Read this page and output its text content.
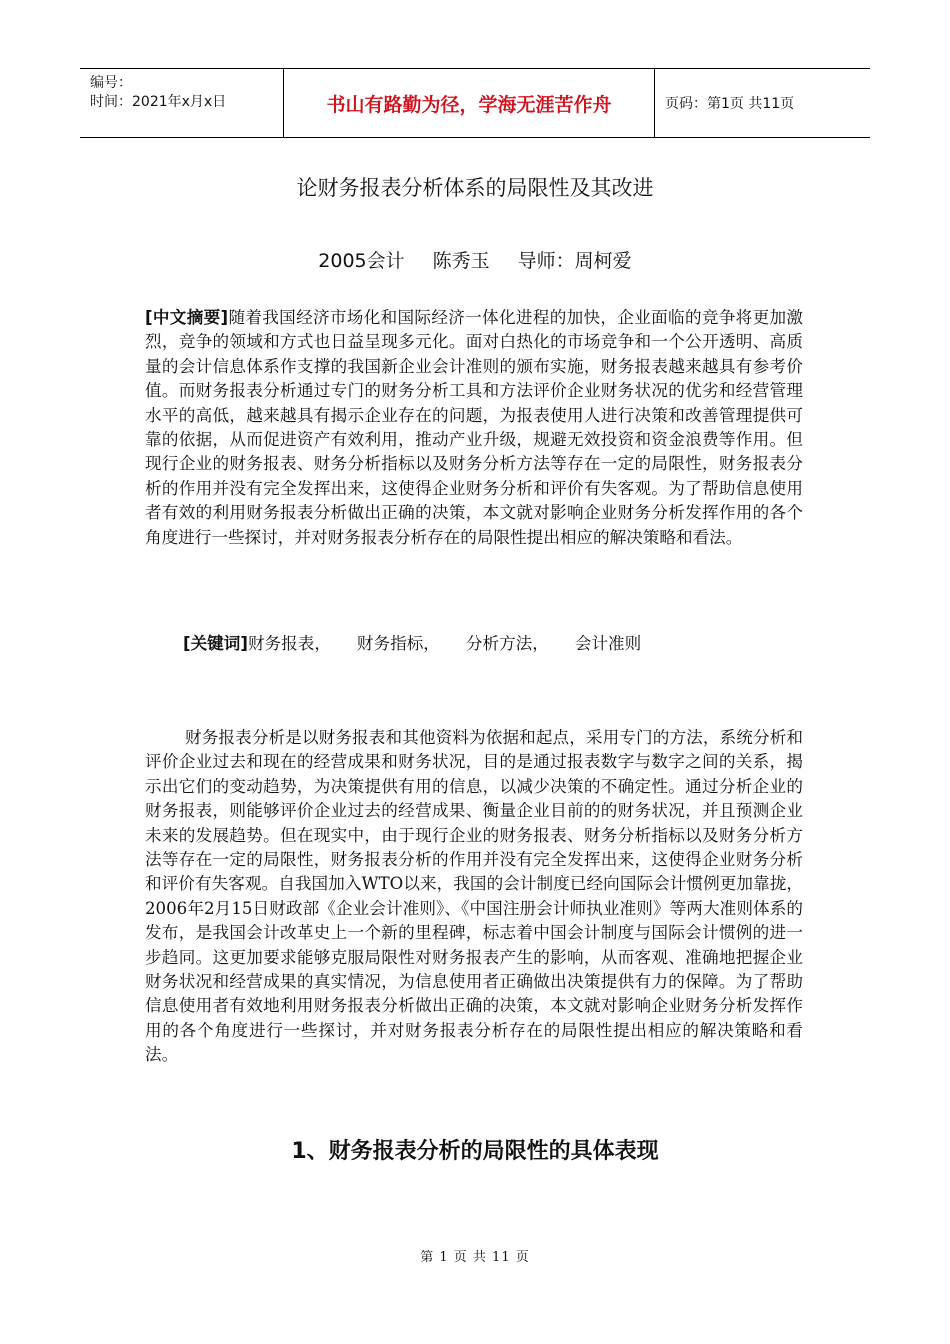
编号：
时间：2021年x月x日	书山有路勤为径，学海无涯苦作舟	页码：第1页 共11页
论财务报表分析体系的局限性及其改进
2005会计 陈秀玉 导师：周柯爱
[中文摘要]随着我国经济市场化和国际经济一体化进程的加快，企业面临的竞争将更加激烈，竞争的领域和方式也日益呈现多元化。面对白热化的市场竞争和一个公开透明、高质量的会计信息体系作支撑的我国新企业会计准则的颁布实施，财务报表越来越具有参考价值。而财务报表分析通过专门的财务分析工具和方法评价企业财务状况的优劣和经营管理水平的高低，越来越具有揭示企业存在的问题，为报表使用人进行决策和改善管理提供可靠的依据，从而促进资产有效利用，推动产业升级，规避无效投资和资金浪费等作用。但现行企业的财务报表、财务分析指标以及财务分析方法等存在一定的局限性，财务报表分析的作用并没有完全发挥出来，这使得企业财务分析和评价有失客观。为了帮助信息使用者有效的利用财务报表分析做出正确的决策，本文就对影响企业财务分析发挥作用的各个角度进行一些探讨，并对财务报表分析存在的局限性提出相应的解决策略和看法。
[关键词]财务报表， 财务指标， 分析方法， 会计准则
财务报表分析是以财务报表和其他资料为依据和起点，采用专门的方法，系统分析和评价企业过去和现在的经营成果和财务状况，目的是通过报表数字与数字之间的关系，揭示出它们的变动趋势，为决策提供有用的信息，以减少决策的不确定性。通过分析企业的财务报表，则能够评价企业过去的经营成果、衡量企业目前的的财务状况，并且预测企业未来的发展趋势。但在现实中，由于现行企业的财务报表、财务分析指标以及财务分析方法等存在一定的局限性，财务报表分析的作用并没有完全发挥出来，这使得企业财务分析和评价有失客观。自我国加入WTO以来，我国的会计制度已经向国际会计惯例更加靠拢，2006年2月15日财政部《企业会计准则》、《中国注册会计师执业准则》等两大准则体系的发布，是我国会计改革史上一个新的里程碑，标志着中国会计制度与国际会计惯例的进一步趋同。这更加要求能够克服局限性对财务报表产生的影响，从而客观、准确地把握企业财务状况和经营成果的真实情况，为信息使用者正确做出决策提供有力的保障。为了帮助信息使用者有效地利用财务报表分析做出正确的决策，本文就对影响企业财务分析发挥作用的各个角度进行一些探讨，并对财务报表分析存在的局限性提出相应的解决策略和看法。
1、财务报表分析的局限性的具体表现
第 1 页 共 11 页
